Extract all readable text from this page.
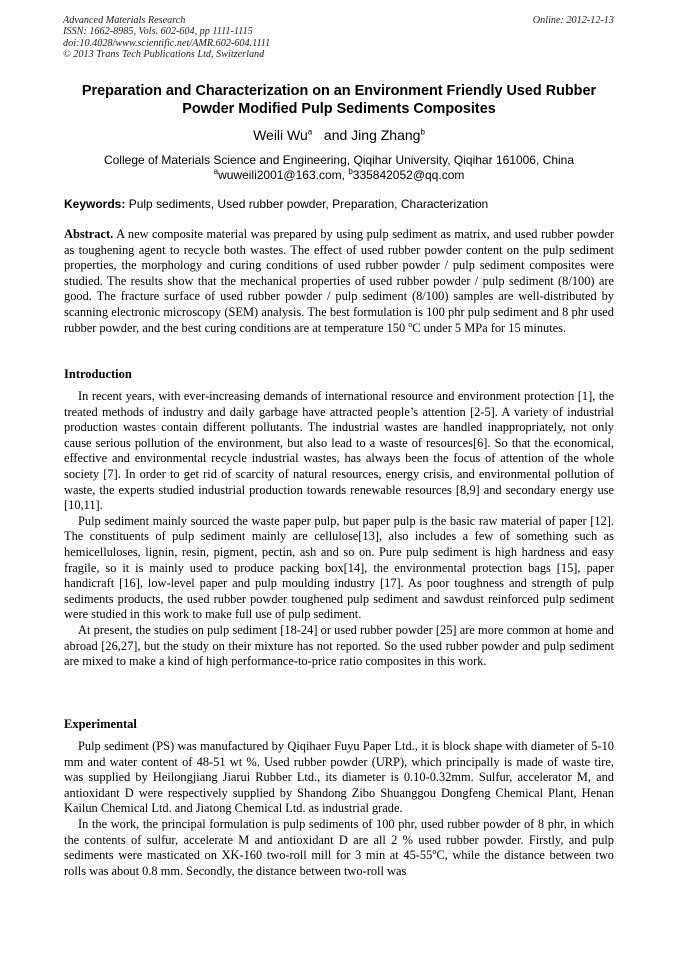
Advanced Materials Research
ISSN: 1662-8985, Vols. 602-604, pp 1111-1115
doi:10.4028/www.scientific.net/AMR.602-604.1111
© 2013 Trans Tech Publications Ltd, Switzerland
Online: 2012-12-13
Preparation and Characterization on an Environment Friendly Used Rubber Powder Modified Pulp Sediments Composites
Weili Wu$^a$ and Jing Zhang$^b$
College of Materials Science and Engineering, Qiqihar University, Qiqihar 161006, China
$^a$wuweili2001@163.com, $^b$335842052@qq.com
Keywords: Pulp sediments, Used rubber powder, Preparation, Characterization

Abstract. A new composite material was prepared by using pulp sediment as matrix, and used rubber powder as toughening agent to recycle both wastes. The effect of used rubber powder content on the pulp sediment properties, the morphology and curing conditions of used rubber powder / pulp sediment composites were studied. The results show that the mechanical properties of used rubber powder / pulp sediment (8/100) are good. The fracture surface of used rubber powder / pulp sediment (8/100) samples are well-distributed by scanning electronic microscopy (SEM) analysis. The best formulation is 100 phr pulp sediment and 8 phr used rubber powder, and the best curing conditions are at temperature 150 $^o$C under 5 MPa for 15 minutes.

Introduction

In recent years, with ever-increasing demands of international resource and environment protection [1], the treated methods of industry and daily garbage have attracted people’s attention [2-5]. A variety of industrial production wastes contain different pollutants. The industrial wastes are handled inappropriately, not only cause serious pollution of the environment, but also lead to a waste of resources[6]. So that the economical, effective and environmental recycle industrial wastes, has always been the focus of attention of the whole society [7]. In order to get rid of scarcity of natural resources, energy crisis, and environmental pollution of waste, the experts studied industrial production towards renewable resources [8,9] and secondary energy use [10,11].

Pulp sediment mainly sourced the waste paper pulp, but paper pulp is the basic raw material of paper [12]. The constituents of pulp sediment mainly are cellulose[13], also includes a few of something such as hemicelluloses, lignin, resin, pigment, pectin, ash and so on. Pure pulp sediment is high hardness and easy fragile, so it is mainly used to produce packing box[14], the environmental protection bags [15], paper handicraft [16], low-level paper and pulp moulding industry [17]. As poor toughness and strength of pulp sediments products, the used rubber powder toughened pulp sediment and sawdust reinforced pulp sediment were studied in this work to make full use of pulp sediment.

At present, the studies on pulp sediment [18-24] or used rubber powder [25] are more common at home and abroad [26,27], but the study on their mixture has not reported. So the used rubber powder and pulp sediment are mixed to make a kind of high performance-to-price ratio composites in this work.

Experimental

Pulp sediment (PS) was manufactured by Qiqihaer Fuyu Paper Ltd., it is block shape with diameter of 5-10 mm and water content of 48-51 wt %. Used rubber powder (URP), which principally is made of waste tire, was supplied by Heilongjiang Jiarui Rubber Ltd., its diameter is 0.10-0.32mm. Sulfur, accelerator M, and antioxidant D were respectively supplied by Shandong Zibo Shuanggou Dongfeng Chemical Plant, Henan Kailun Chemical Ltd. and Jiatong Chemical Ltd. as industrial grade.

In the work, the principal formulation is pulp sediments of 100 phr, used rubber powder of 8 phr, in which the contents of sulfur, accelerate M and antioxidant D are all 2 % used rubber powder. Firstly, and pulp sediments were masticated on XK-160 two-roll mill for 3 min at 45-55$^o$C, while the distance between two rolls was about 0.8 mm. Secondly, the distance between two-roll was
